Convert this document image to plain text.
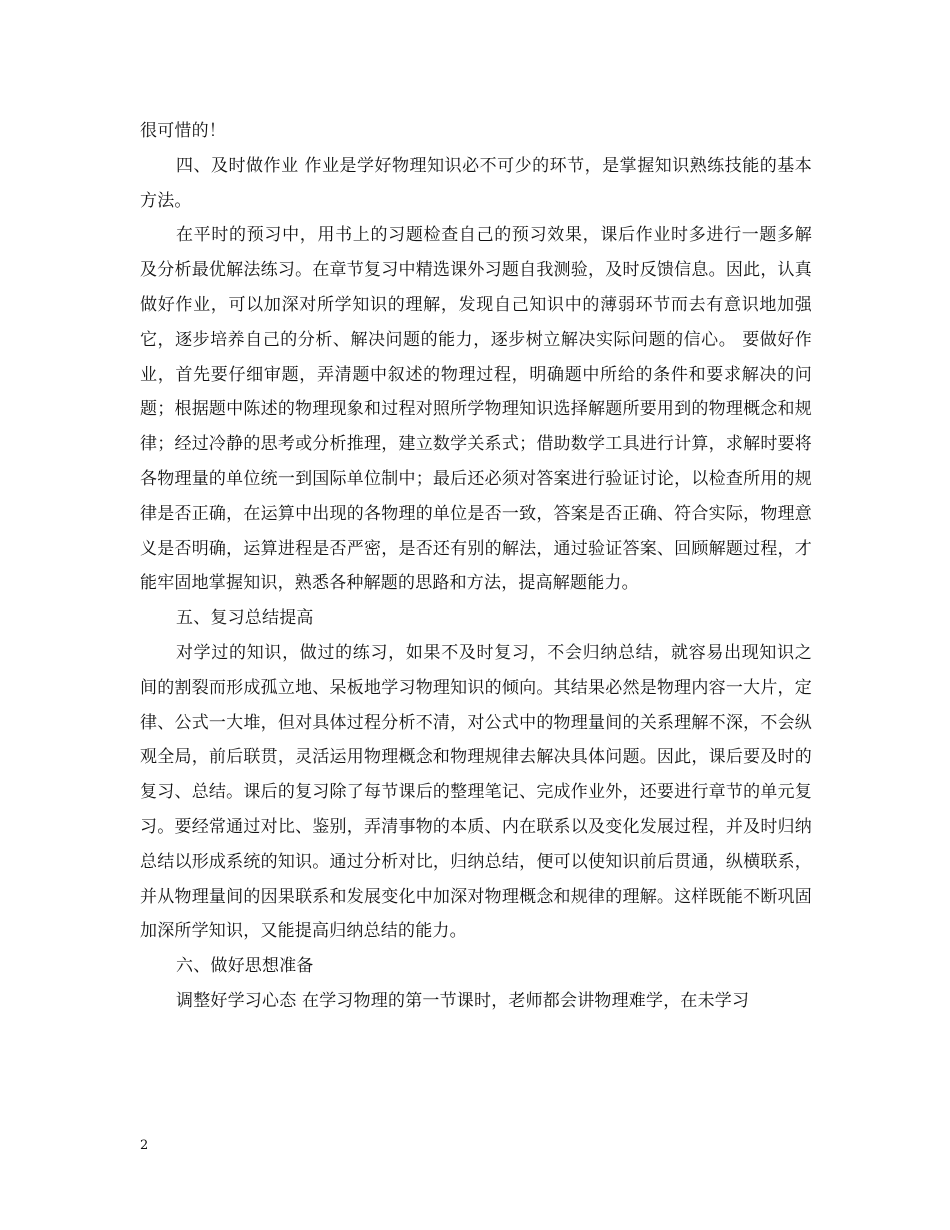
很可惜的！

四、及时做作业 作业是学好物理知识必不可少的环节，是掌握知识熟练技能的基本方法。

在平时的预习中，用书上的习题检查自己的预习效果，课后作业时多进行一题多解及分析最优解法练习。在章节复习中精选课外习题自我测验，及时反馈信息。因此，认真做好作业，可以加深对所学知识的理解，发现自己知识中的薄弱环节而去有意识地加强它，逐步培养自己的分析、解决问题的能力，逐步树立解决实际问题的信心。 要做好作业，首先要仔细审题，弄清题中叙述的物理过程，明确题中所给的条件和要求解决的问题；根据题中陈述的物理现象和过程对照所学物理知识选择解题所要用到的物理概念和规律；经过冷静的思考或分析推理，建立数学关系式；借助数学工具进行计算，求解时要将各物理量的单位统一到国际单位制中；最后还必须对答案进行验证讨论，以检查所用的规律是否正确，在运算中出现的各物理的单位是否一致，答案是否正确、符合实际，物理意义是否明确，运算进程是否严密，是否还有别的解法，通过验证答案、回顾解题过程，才能牢固地掌握知识，熟悉各种解题的思路和方法，提高解题能力。

五、复习总结提高

对学过的知识，做过的练习，如果不及时复习，不会归纳总结，就容易出现知识之间的割裂而形成孤立地、呆板地学习物理知识的倾向。其结果必然是物理内容一大片，定律、公式一大堆，但对具体过程分析不清，对公式中的物理量间的关系理解不深，不会纵观全局，前后联贯，灵活运用物理概念和物理规律去解决具体问题。因此，课后要及时的复习、总结。课后的复习除了每节课后的整理笔记、完成作业外，还要进行章节的单元复习。要经常通过对比、鉴别，弄清事物的本质、内在联系以及变化发展过程，并及时归纳总结以形成系统的知识。通过分析对比，归纳总结，便可以使知识前后贯通，纵横联系，并从物理量间的因果联系和发展变化中加深对物理概念和规律的理解。这样既能不断巩固加深所学知识，又能提高归纳总结的能力。

六、做好思想准备

调整好学习心态 在学习物理的第一节课时，老师都会讲物理难学，在未学习

2
